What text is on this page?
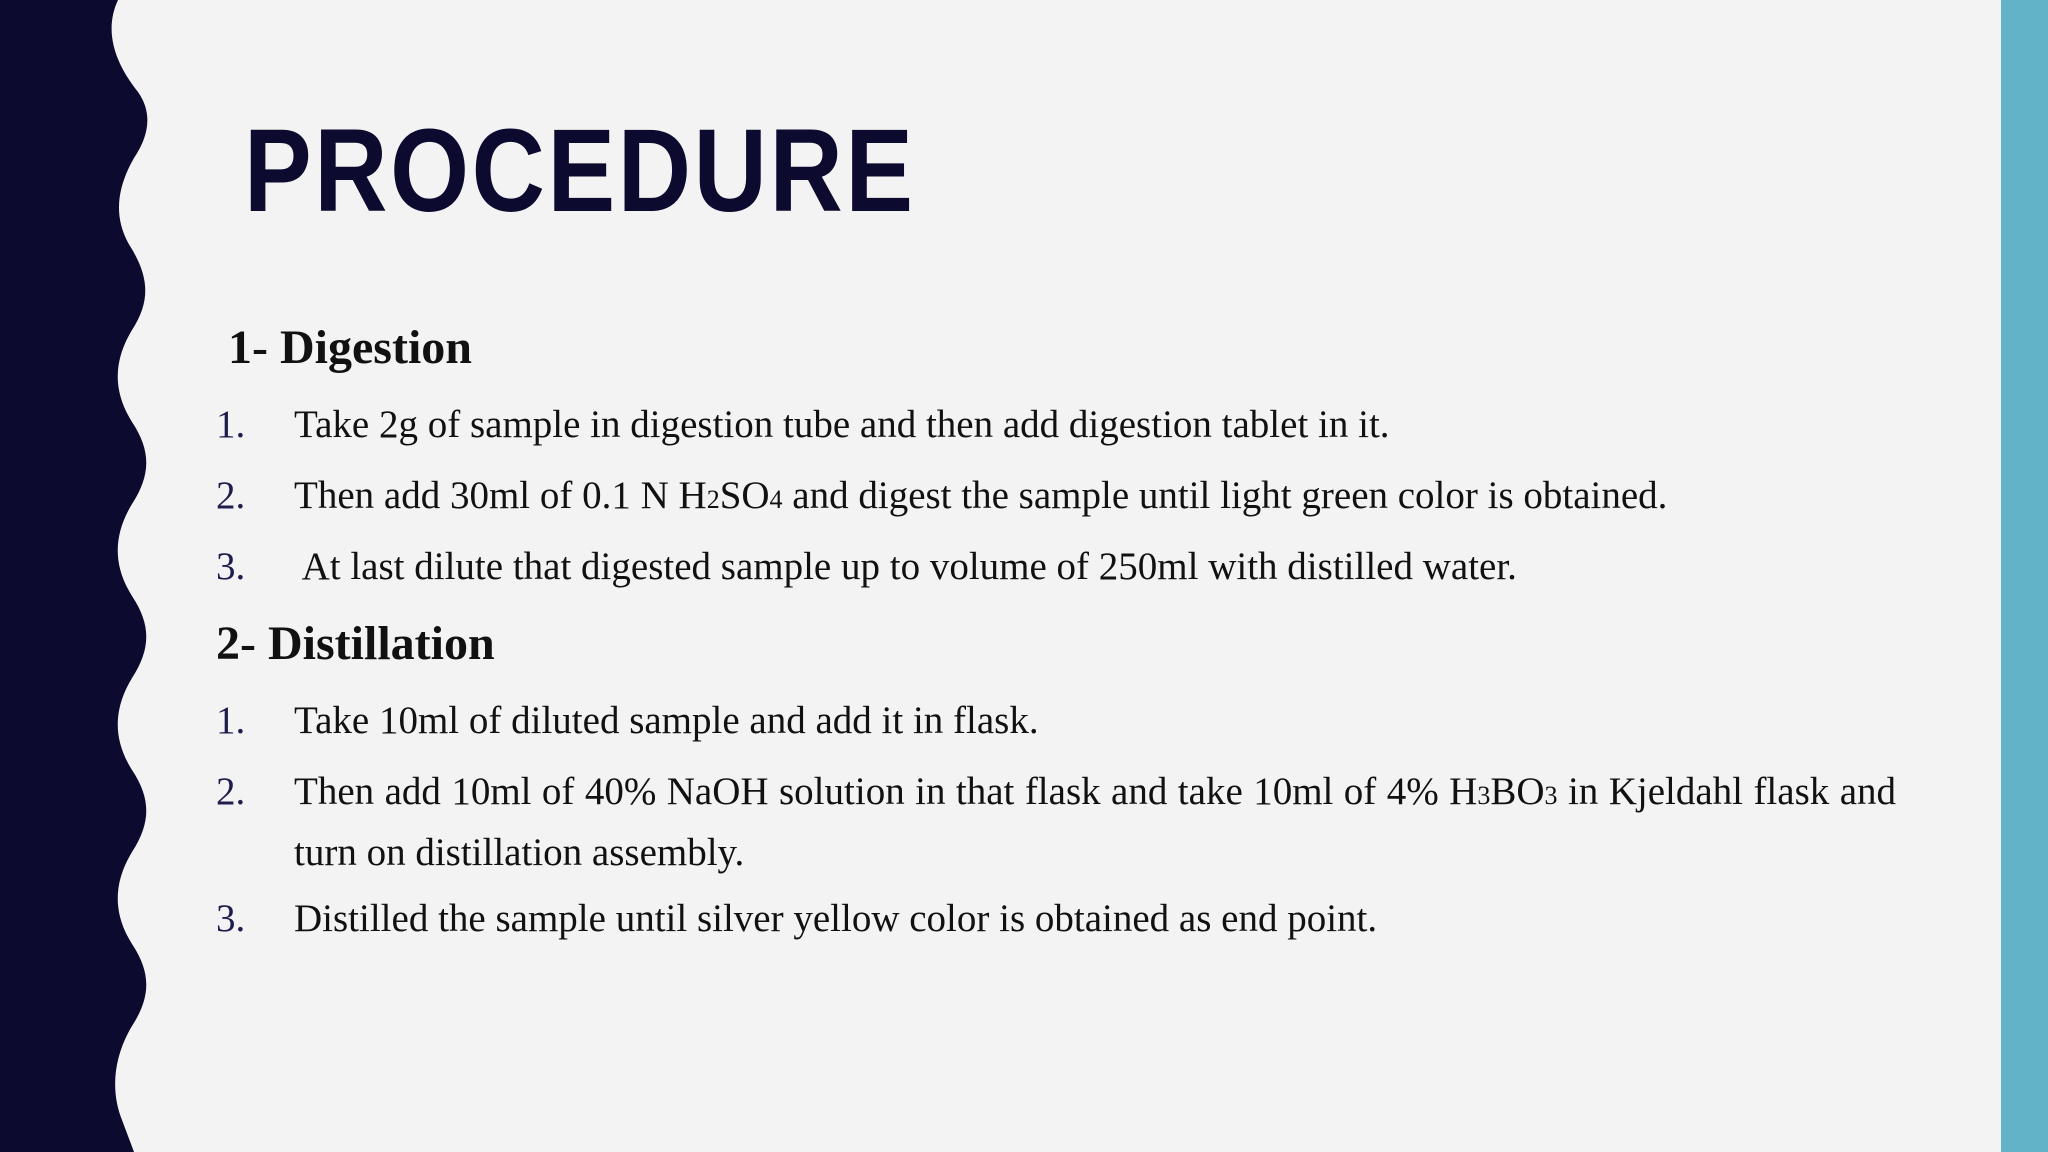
PROCEDURE
1- Digestion
1. Take 2g of sample in digestion tube and then add digestion tablet in it.
2. Then add 30ml of 0.1 N H2SO4 and digest the sample until light green color is obtained.
3. At last dilute that digested sample up to volume of 250ml with distilled water.
2- Distillation
1. Take 10ml of diluted sample and add it in flask.
2. Then add 10ml of 40% NaOH solution in that flask and take 10ml of 4% H3BO3 in Kjeldahl flask and turn on distillation assembly.
3. Distilled the sample until silver yellow color is obtained as end point.
